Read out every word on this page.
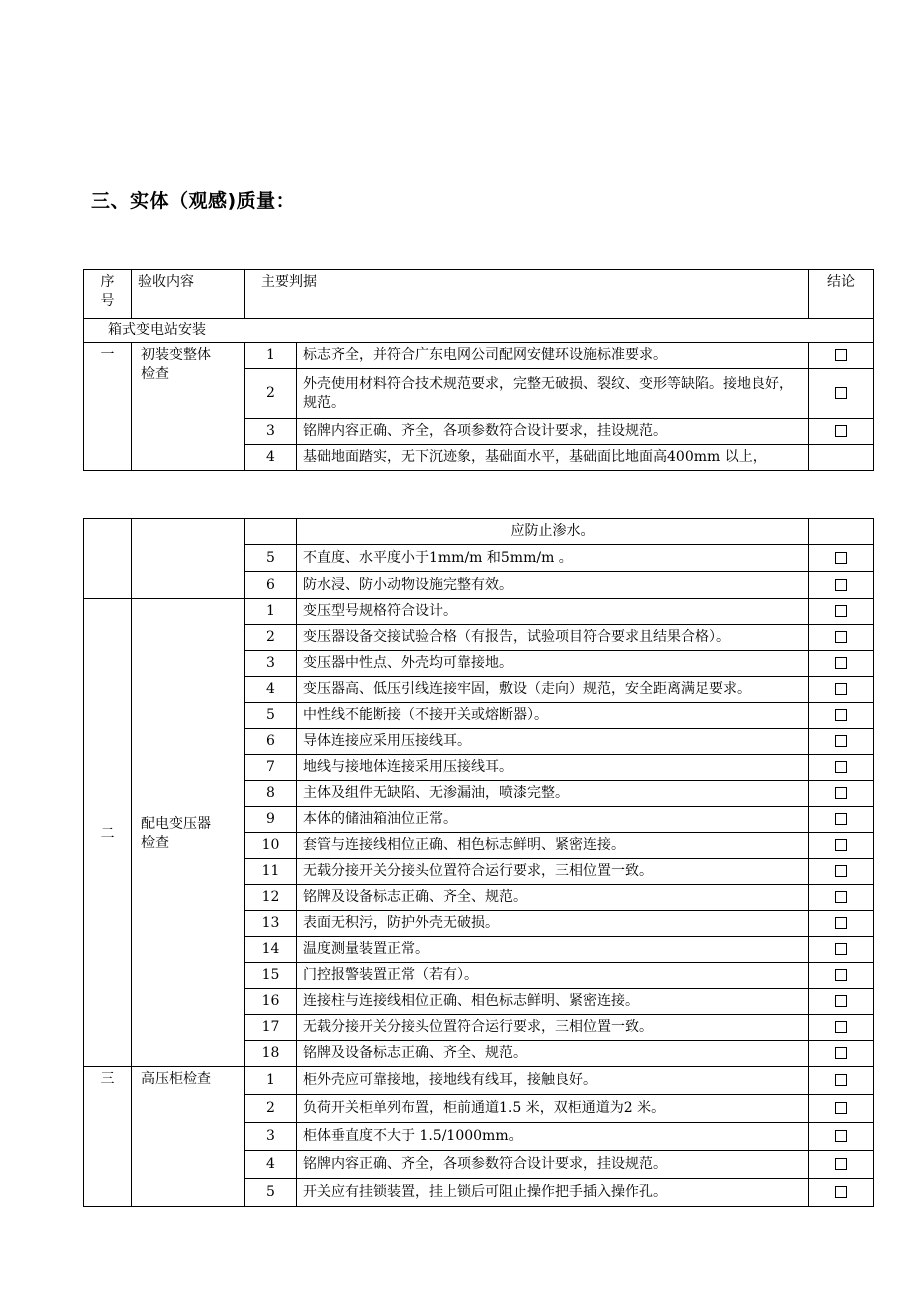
三、实体（观感)质量：
序
号	验收内容	主要判据		结论
箱式变电站安装				
一	初装变整体
检查	1	标志齐全，并符合广东电网公司配网安健环设施标准要求。	
		2	外壳使用材料符合技术规范要求，完整无破损、裂纹、变形等缺陷。接地良好，规范。	
		3	铭牌内容正确、齐全，各项参数符合设计要求，挂设规范。	
		4	基础地面踏实，无下沉迹象，基础面水平，基础面比地面高400mm 以上，	
			应防止渗水。	
		5	不直度、水平度小于1mm/m 和5mm/m 。	
		6	防水浸、防小动物设施完整有效。	
二	配电变压器
检查	1	变压型号规格符合设计。	
		2	变压器设备交接试验合格（有报告，试验项目符合要求且结果合格）。	
		3	变压器中性点、外壳均可靠接地。	
		4	变压器高、低压引线连接牢固，敷设（走向）规范，安全距离满足要求。	
		5	中性线不能断接（不接开关或熔断器）。	
		6	导体连接应采用压接线耳。	
		7	地线与接地体连接采用压接线耳。	
		8	主体及组件无缺陷、无渗漏油，喷漆完整。	
		9	本体的储油箱油位正常。	
		10	套管与连接线相位正确、相色标志鲜明、紧密连接。	
		11	无载分接开关分接头位置符合运行要求，三相位置一致。	
		12	铭牌及设备标志正确、齐全、规范。	
		13	表面无积污，防护外壳无破损。	
		14	温度测量装置正常。	
		15	门控报警装置正常（若有）。	
		16	连接柱与连接线相位正确、相色标志鲜明、紧密连接。	
		17	无载分接开关分接头位置符合运行要求，三相位置一致。	
		18	铭牌及设备标志正确、齐全、规范。	
三	高压柜检查	1	柜外壳应可靠接地，接地线有线耳，接触良好。	
		2	负荷开关柜单列布置，柜前通道1.5 米，双柜通道为2 米。	
		3	柜体垂直度不大于 1.5/1000mm。	
		4	铭牌内容正确、齐全，各项参数符合设计要求，挂设规范。	
		5	开关应有挂锁装置，挂上锁后可阻止操作把手插入操作孔。	
